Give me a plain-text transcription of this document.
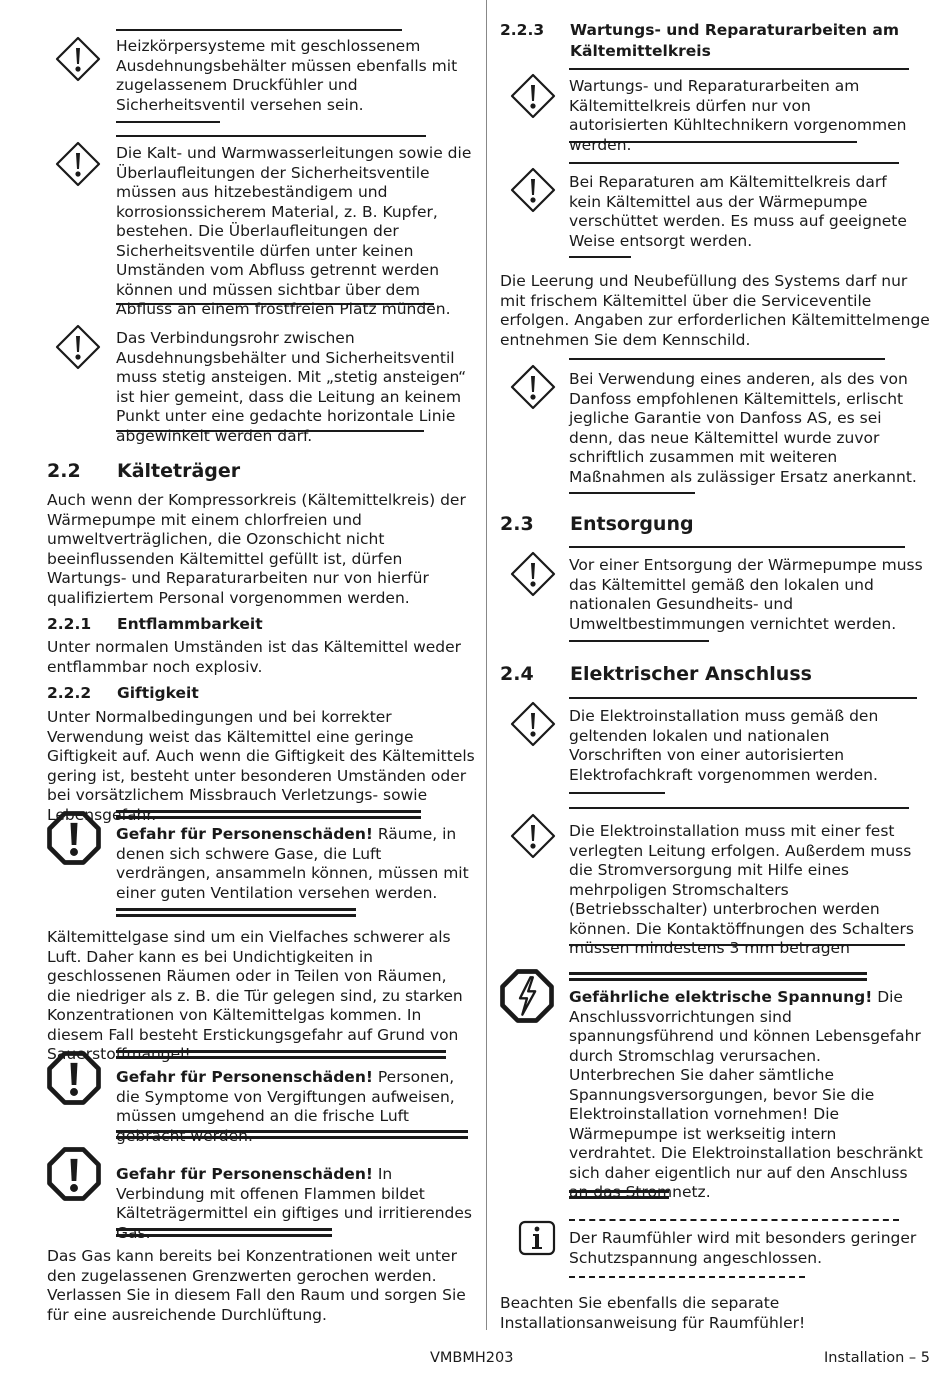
Heizkörpersysteme mit geschlossenem Ausdehnungsbehälter müssen ebenfalls mit zugelassenem Druckfühler und Sicherheitsventil versehen sein.
Die Kalt- und Warmwasserleitungen sowie die Überlaufleitungen der Sicherheitsventile müssen aus hitzebeständigem und korrosionssicherem Material, z. B. Kupfer, bestehen. Die Überlaufleitungen der Sicherheitsventile dürfen unter keinen Umständen vom Abfluss getrennt werden können und müssen sichtbar über dem Abfluss an einem frostfreien Platz münden.
Das Verbindungsrohr zwischen Ausdehnungsbehälter und Sicherheitsventil muss stetig ansteigen. Mit „stetig ansteigen“ ist hier gemeint, dass die Leitung an keinem Punkt unter eine gedachte horizontale Linie abgewinkelt werden darf.
2.2 Kälteträger
Auch wenn der Kompressorkreis (Kältemittelkreis) der Wärmepumpe mit einem chlorfreien und umweltverträglichen, die Ozonschicht nicht beeinflussenden Kältemittel gefüllt ist, dürfen Wartungs- und Reparaturarbeiten nur von hierfür qualifiziertem Personal vorgenommen werden.
2.2.1 Entflammbarkeit
Unter normalen Umständen ist das Kältemittel weder entflammbar noch explosiv.
2.2.2 Giftigkeit
Unter Normalbedingungen und bei korrekter Verwendung weist das Kältemittel eine geringe Giftigkeit auf. Auch wenn die Giftigkeit des Kältemittels gering ist, besteht unter besonderen Umständen oder bei vorsätzlichem Missbrauch Verletzungs- sowie Lebensgefahr.
Gefahr für Personenschäden! Räume, in denen sich schwere Gase, die Luft verdrängen, ansammeln können, müssen mit einer guten Ventilation versehen werden.
Kältemittelgase sind um ein Vielfaches schwerer als Luft. Daher kann es bei Undichtigkeiten in geschlossenen Räumen oder in Teilen von Räumen, die niedriger als z. B. die Tür gelegen sind, zu starken Konzentrationen von Kältemittelgas kommen. In diesem Fall besteht Erstickungsgefahr auf Grund von Sauerstoffmangel!
Gefahr für Personenschäden! Personen, die Symptome von Vergiftungen aufweisen, müssen umgehend an die frische Luft gebracht werden.
Gefahr für Personenschäden! In Verbindung mit offenen Flammen bildet Kälteträgermittel ein giftiges und irritierendes Gas.
Das Gas kann bereits bei Konzentrationen weit unter den zugelassenen Grenzwerten gerochen werden. Verlassen Sie in diesem Fall den Raum und sorgen Sie für eine ausreichende Durchlüftung.
2.2.3 Wartungs- und Reparaturarbeiten am Kältemittelkreis
Wartungs- und Reparaturarbeiten am Kältemittelkreis dürfen nur von autorisierten Kühltechnikern vorgenommen werden.
Bei Reparaturen am Kältemittelkreis darf kein Kältemittel aus der Wärmepumpe verschüttet werden. Es muss auf geeignete Weise entsorgt werden.
Die Leerung und Neubefüllung des Systems darf nur mit frischem Kältemittel über die Serviceventile erfolgen. Angaben zur erforderlichen Kältemittelmenge entnehmen Sie dem Kennschild.
Bei Verwendung eines anderen, als des von Danfoss empfohlenen Kältemittels, erlischt jegliche Garantie von Danfoss AS, es sei denn, das neue Kältemittel wurde zuvor schriftlich zusammen mit weiteren Maßnahmen als zulässiger Ersatz anerkannt.
2.3 Entsorgung
Vor einer Entsorgung der Wärmepumpe muss das Kältemittel gemäß den lokalen und nationalen Gesundheits- und Umweltbestimmungen vernichtet werden.
2.4 Elektrischer Anschluss
Die Elektroinstallation muss gemäß den geltenden lokalen und nationalen Vorschriften von einer autorisierten Elektrofachkraft vorgenommen werden.
Die Elektroinstallation muss mit einer fest verlegten Leitung erfolgen. Außerdem muss die Stromversorgung mit Hilfe eines mehrpoligen Stromschalters (Betriebsschalter) unterbrochen werden können. Die Kontaktöffnungen des Schalters müssen mindestens 3 mm betragen
Gefährliche elektrische Spannung! Die Anschlussvorrichtungen sind spannungsführend und können Lebensgefahr durch Stromschlag verursachen. Unterbrechen Sie daher sämtliche Spannungsversorgungen, bevor Sie die Elektroinstallation vornehmen! Die Wärmepumpe ist werkseitig intern verdrahtet. Die Elektroinstallation beschränkt sich daher eigentlich nur auf den Anschluss an das Stromnetz.
Der Raumfühler wird mit besonders geringer Schutzspannung angeschlossen.
Beachten Sie ebenfalls die separate Installationsanweisung für Raumfühler!
VMBMH203	Installation – 5
